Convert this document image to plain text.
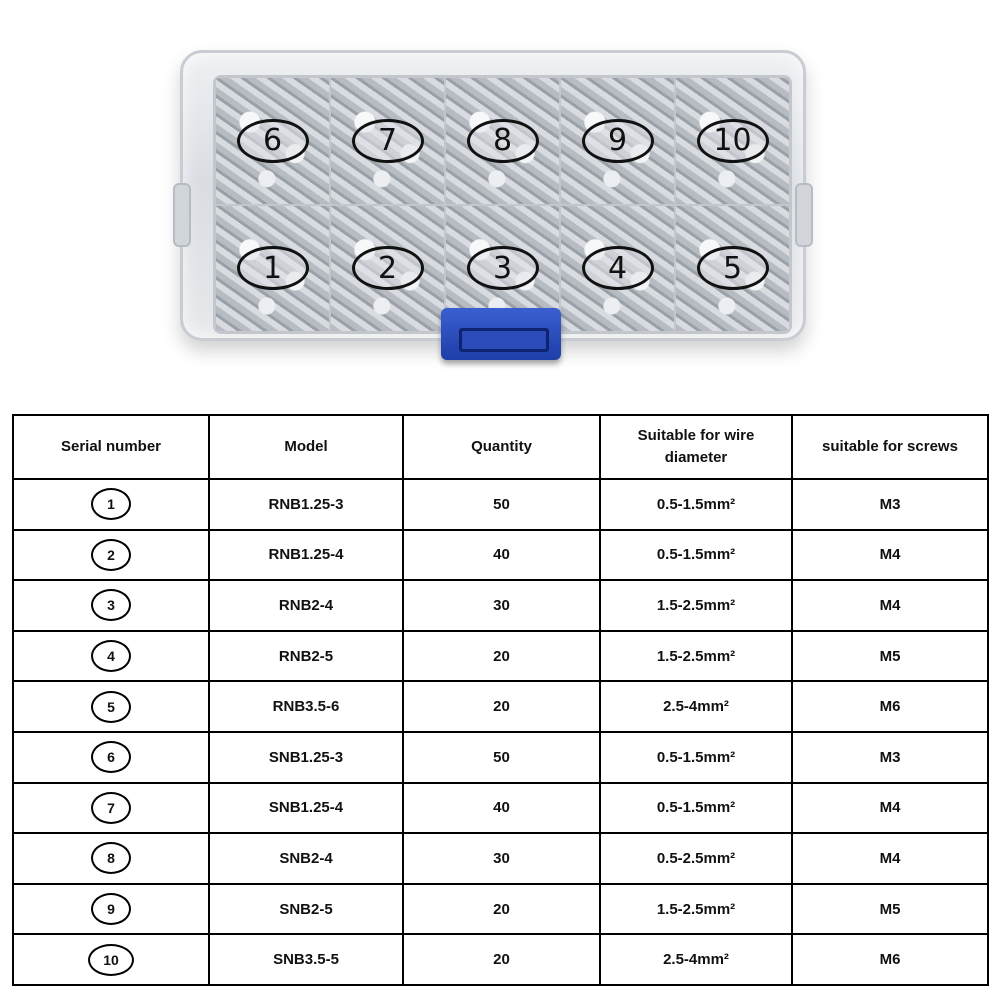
6	7	8	9	10
1	2	3	4	5
Serial number	Model	Quantity	Suitable for wire diameter	suitable for screws
1	RNB1.25-3	50	0.5-1.5mm²	M3
2	RNB1.25-4	40	0.5-1.5mm²	M4
3	RNB2-4	30	1.5-2.5mm²	M4
4	RNB2-5	20	1.5-2.5mm²	M5
5	RNB3.5-6	20	2.5-4mm²	M6
6	SNB1.25-3	50	0.5-1.5mm²	M3
7	SNB1.25-4	40	0.5-1.5mm²	M4
8	SNB2-4	30	0.5-2.5mm²	M4
9	SNB2-5	20	1.5-2.5mm²	M5
10	SNB3.5-5	20	2.5-4mm²	M6
